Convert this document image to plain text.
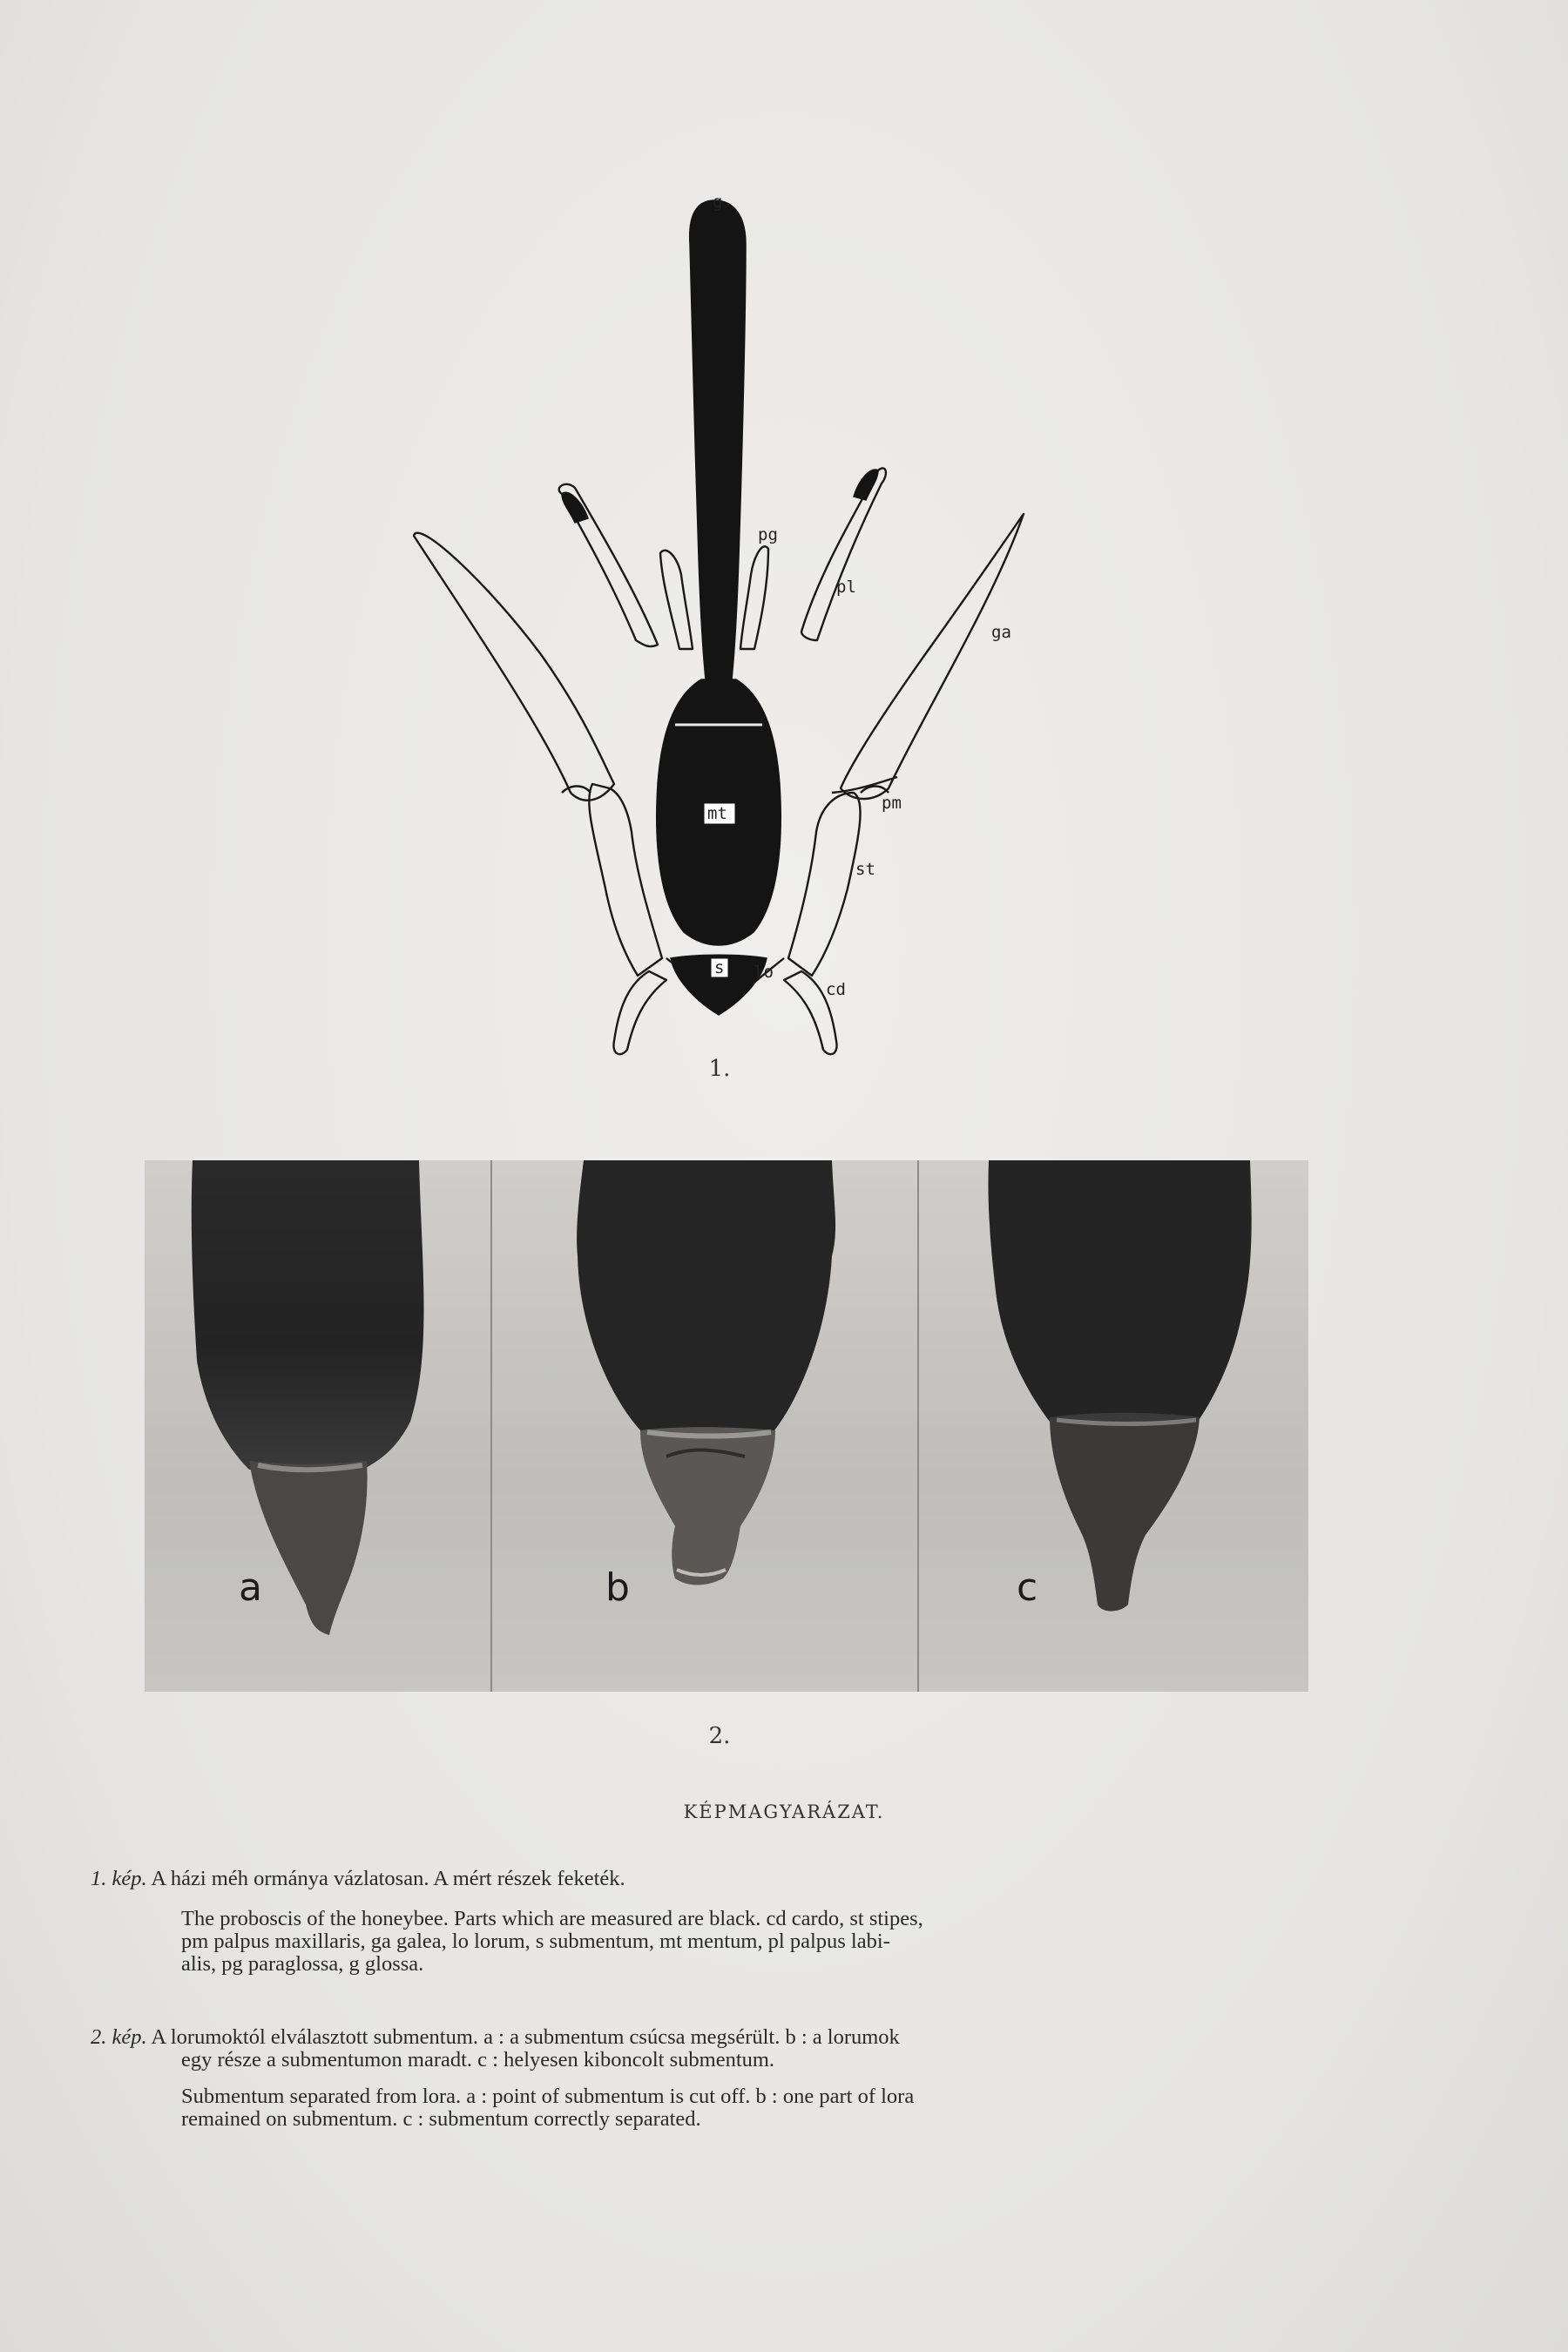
g
pg
pl
ga
pm
st
mt
s lo
cd
1.
a	b	c
2.
KÉPMAGYARÁZAT.
1. kép. A házi méh ormánya vázlatosan. A mért részek feketék.
The proboscis of the honeybee. Parts which are measured are black. cd cardo, st stipes,
pm palpus maxillaris, ga galea, lo lorum, s submentum, mt mentum, pl palpus labi-
alis, pg paraglossa, g glossa.
2. kép. A lorumoktól elválasztott submentum. a : a submentum csúcsa megsérült. b : a lorumok
egy része a submentumon maradt. c : helyesen kiboncolt submentum.
Submentum separated from lora. a : point of submentum is cut off. b : one part of lora
remained on submentum. c : submentum correctly separated.
